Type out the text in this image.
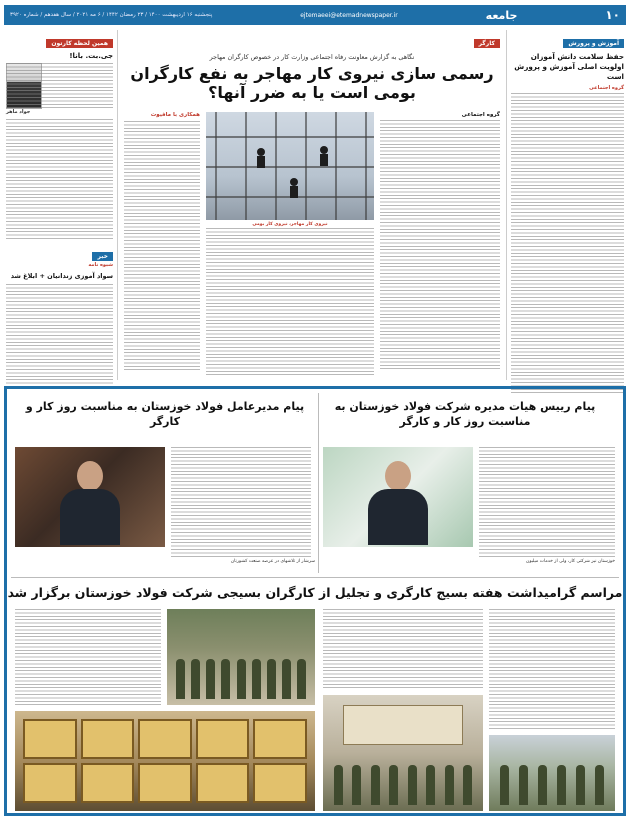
۱۰
جامعه
ejtemaeei@etemadnewspaper.ir
پنجشنبه ۱۶ اردیبهشت ۱۴۰۰ / ۲۳ رمضان ۱۴۴۲ / ۶ مه ۲۰۲۱ / سال هفدهم / شماره ۳۹۲۰
آموزش و پرورش
حفظ سلامت دانش آموزان اولویت اصلی آموزش و پرورش است
گروه اجتماعی
کارگر
نگاهی به گزارش معاونت رفاه اجتماعی وزارت کار در خصوص کارگران مهاجر
رسمی سازی نیروی کار مهاجر به نفع کارگران بومی است یا به ضرر آنها؟
گروه اجتماعی
نیروی کار مهاجر، نیروی کار بومی
همکاری با مافیوت
همین لحظه کارتون
جی.بت. بانا!
جواد ماهر
خبر
شیوه نامه
سواد آموزی زندانیان + ابلاغ شد
پیام رییس هیات مدیره شرکت فولاد خوزستان به مناسبت روز کار و کارگر
خوزستان نیز شرکتی کار، ولی از خدمات میلیون
پیام مدیرعامل فولاد خوزستان به مناسبت روز کار و کارگر
سرشار از تلاشهای در عرصه صنعت کشورتان
مراسم گرامیداشت هفته بسیج کارگری و تجلیل از کارگران بسیجی شرکت فولاد خوزستان برگزار شد
